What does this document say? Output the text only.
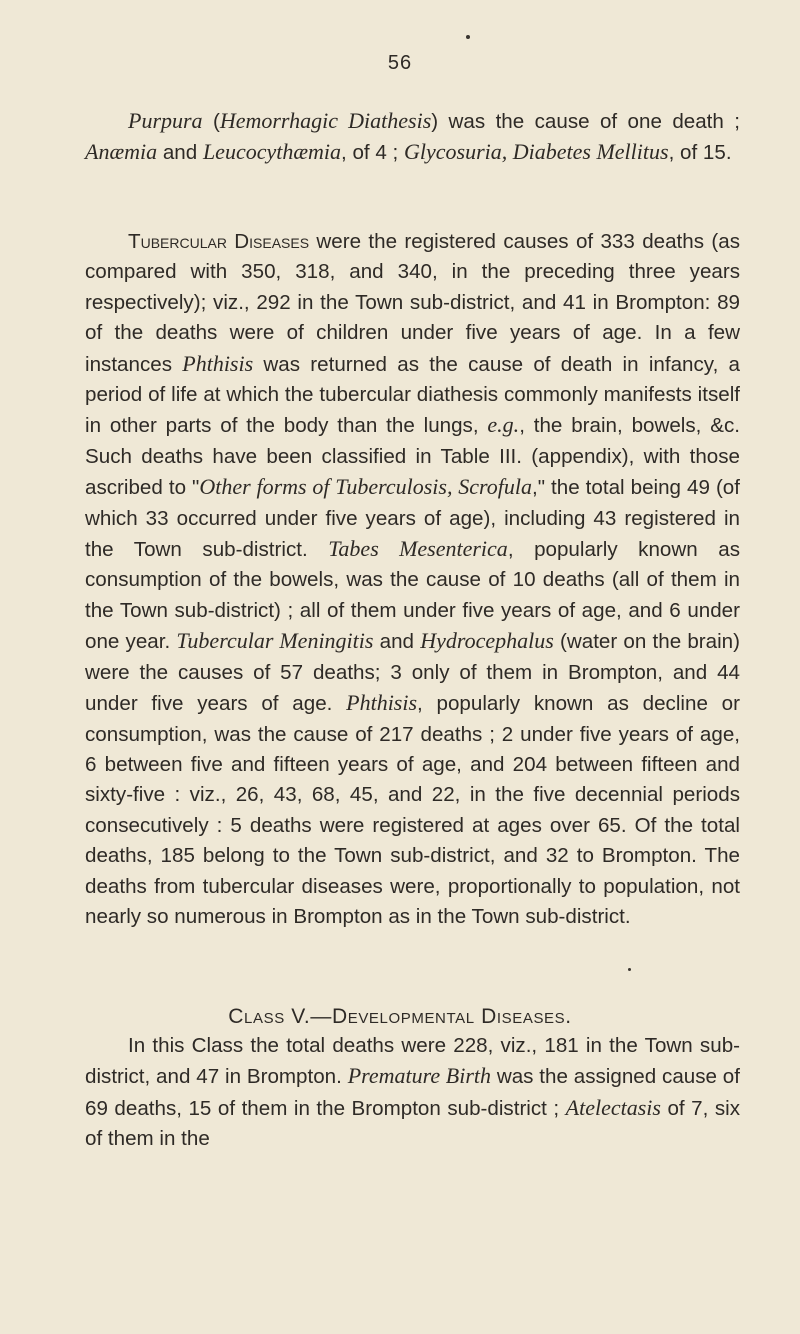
56

Purpura (Hemorrhagic Diathesis) was the cause of one death ; Anæmia and Leucocythæmia, of 4 ; Glycosuria, Diabetes Mellitus, of 15.

Tubercular Diseases were the registered causes of 333 deaths (as compared with 350, 318, and 340, in the preceding three years respectively); viz., 292 in the Town sub-district, and 41 in Brompton: 89 of the deaths were of children under five years of age. In a few instances Phthisis was returned as the cause of death in infancy, a period of life at which the tubercular diathesis commonly manifests itself in other parts of the body than the lungs, e.g., the brain, bowels, &c. Such deaths have been classified in Table III. (appendix), with those ascribed to "Other forms of Tuberculosis, Scrofula," the total being 49 (of which 33 occurred under five years of age), including 43 registered in the Town sub-district. Tabes Mesenterica, popularly known as consumption of the bowels, was the cause of 10 deaths (all of them in the Town sub-district) ; all of them under five years of age, and 6 under one year. Tubercular Meningitis and Hydrocephalus (water on the brain) were the causes of 57 deaths; 3 only of them in Brompton, and 44 under five years of age. Phthisis, popularly known as decline or consumption, was the cause of 217 deaths ; 2 under five years of age, 6 between five and fifteen years of age, and 204 between fifteen and sixty-five : viz., 26, 43, 68, 45, and 22, in the five decennial periods consecutively : 5 deaths were registered at ages over 65. Of the total deaths, 185 belong to the Town sub-district, and 32 to Brompton. The deaths from tubercular diseases were, proportionally to population, not nearly so numerous in Brompton as in the Town sub-district.

Class V.—Developmental Diseases.

In this Class the total deaths were 228, viz., 181 in the Town sub-district, and 47 in Brompton. Premature Birth was the assigned cause of 69 deaths, 15 of them in the Brompton sub-district ; Atelectasis of 7, six of them in the
